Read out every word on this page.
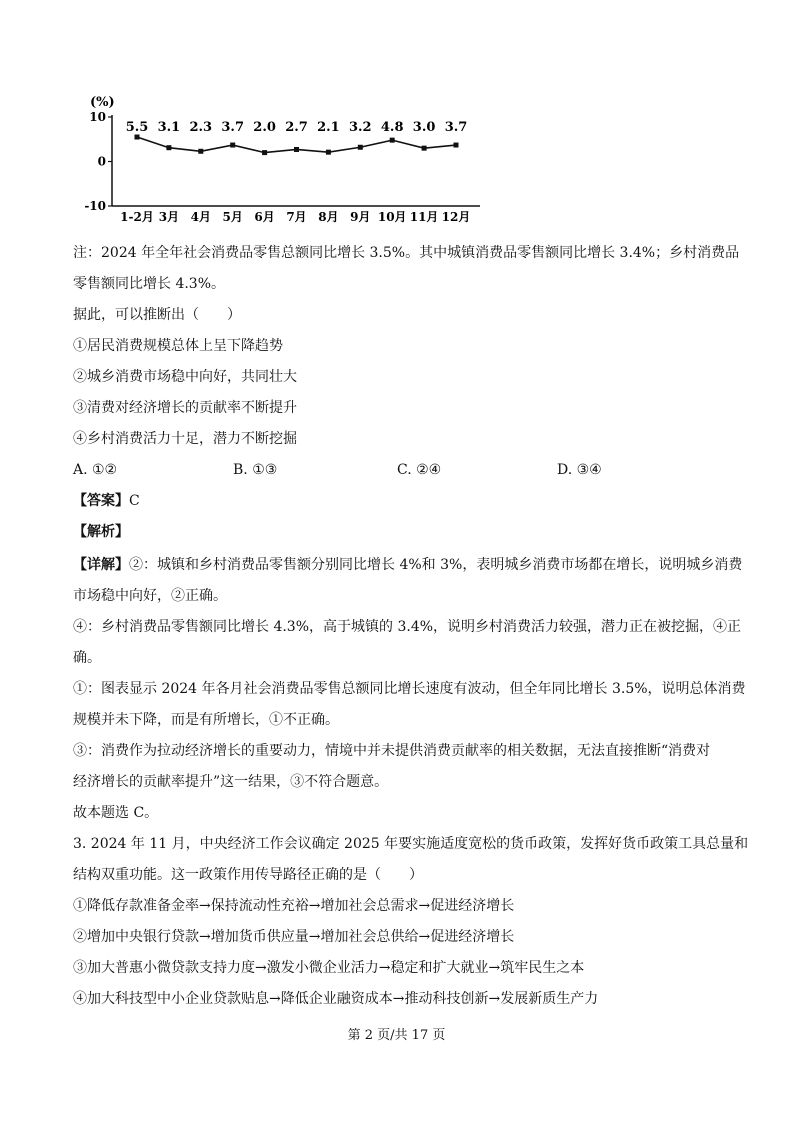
(%)
10
0
-10
1-2月 3月 4月 5月 6月 7月 8月 9月 10月 11月 12月
5.5 3.1 2.3 3.7 2.0 2.7 2.1 3.2 4.8 3.0 3.7
注：2024 年全年社会消费品零售总额同比增长 3.5%。其中城镇消费品零售额同比增长 3.4%；乡村消费品
零售额同比增长 4.3%。
据此，可以推断出（　　）
①居民消费规模总体上呈下降趋势
②城乡消费市场稳中向好，共同壮大
③清费对经济增长的贡献率不断提升
④乡村消费活力十足，潜力不断挖掘
A. ①②	B. ①③	C. ②④	D. ③④
【答案】C
【解析】
【详解】②：城镇和乡村消费品零售额分别同比增长 4%和 3%，表明城乡消费市场都在增长，说明城乡消费
市场稳中向好，②正确。
④：乡村消费品零售额同比增长 4.3%，高于城镇的 3.4%，说明乡村消费活力较强，潜力正在被挖掘，④正
确。
①：图表显示 2024 年各月社会消费品零售总额同比增长速度有波动，但全年同比增长 3.5%，说明总体消费
规模并未下降，而是有所增长，①不正确。
③：消费作为拉动经济增长的重要动力，情境中并未提供消费贡献率的相关数据，无法直接推断“消费对
经济增长的贡献率提升”这一结果，③不符合题意。
故本题选 C。
3. 2024 年 11 月，中央经济工作会议确定 2025 年要实施适度宽松的货币政策，发挥好货币政策工具总量和
结构双重功能。这一政策作用传导路径正确的是（　　）
①降低存款准备金率→保持流动性充裕→增加社会总需求→促进经济增长
②增加中央银行贷款→增加货币供应量→增加社会总供给→促进经济增长
③加大普惠小微贷款支持力度→激发小微企业活力→稳定和扩大就业→筑牢民生之本
④加大科技型中小企业贷款贴息→降低企业融资成本→推动科技创新→发展新质生产力
第 2 页/共 17 页
